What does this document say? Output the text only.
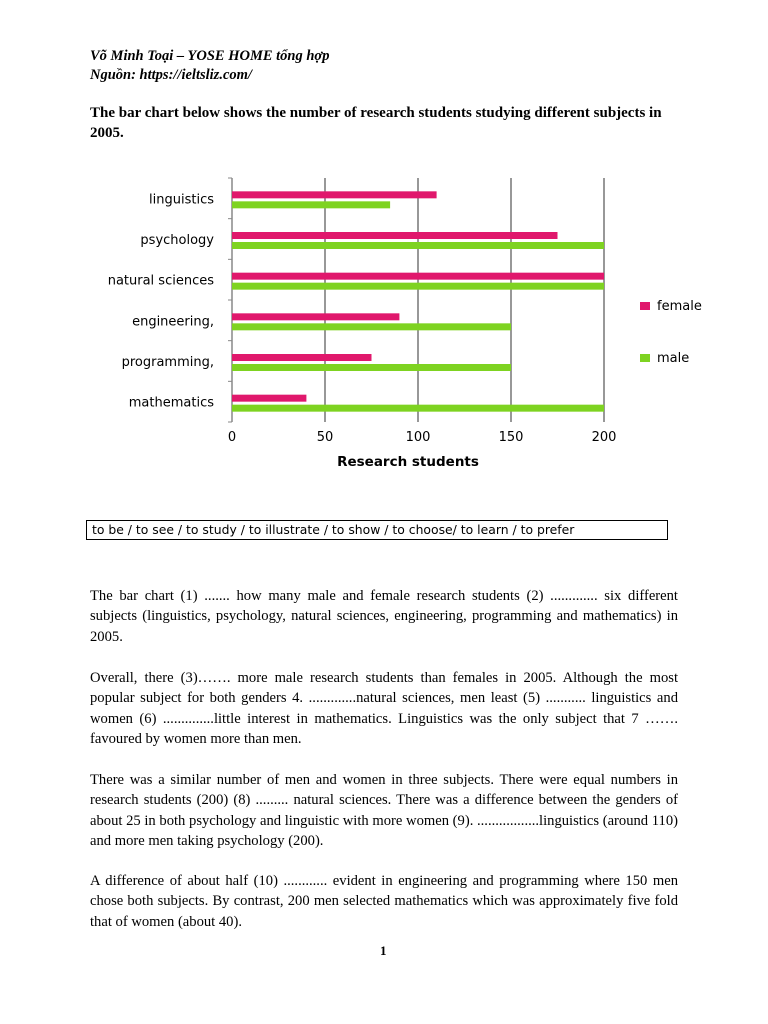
Võ Minh Toại – YOSE HOME tổng hợp
Nguồn: https://ieltsliz.com/
The bar chart below shows the number of research students studying different subjects in 2005.
0	50	100	150	200
linguistics
psychology
natural sciences
engineering,
programming,
mathematics
Research students
female
male
to be / to see / to study / to illustrate / to show / to choose/ to learn / to prefer

The bar chart (1) ....... how many male and female research students (2) ............. six different subjects (linguistics, psychology, natural sciences, engineering, programming and mathematics) in 2005.

Overall, there (3)……. more male research students than females in 2005. Although the most popular subject for both genders 4. .............natural sciences, men least (5) ........... linguistics and women (6) ..............little interest in mathematics. Linguistics was the only subject that 7 ……. favoured by women more than men.

There was a similar number of men and women in three subjects. There were equal numbers in research students (200) (8) ......... natural sciences. There was a difference between the genders of about 25 in both psychology and linguistic with more women (9). .................linguistics (around 110) and more men taking psychology (200).

A difference of about half (10) ............ evident in engineering and programming where 150 men chose both subjects. By contrast, 200 men selected mathematics which was approximately five fold that of women (about 40).

1
